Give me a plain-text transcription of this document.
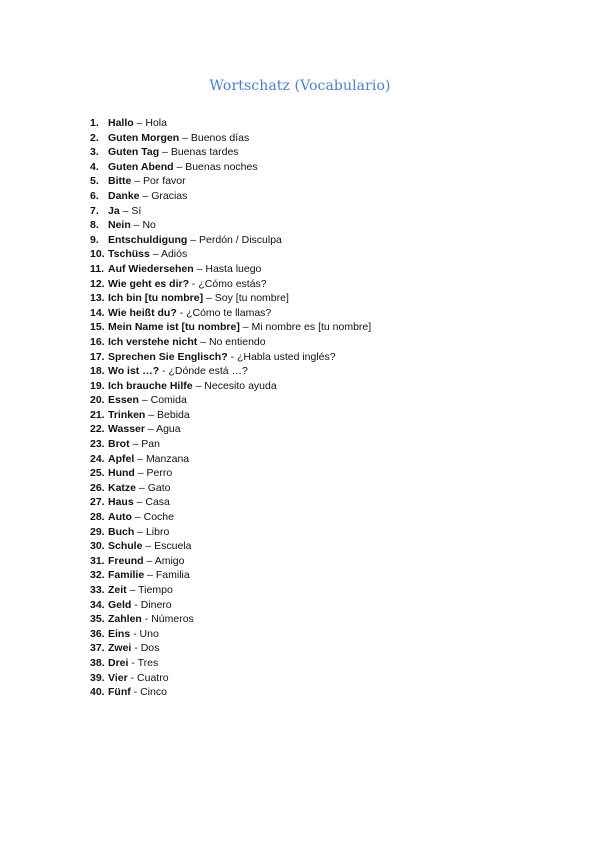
Wortschatz (Vocabulario)
1. Hallo – Hola
2. Guten Morgen – Buenos días
3. Guten Tag – Buenas tardes
4. Guten Abend – Buenas noches
5. Bitte – Por favor
6. Danke – Gracias
7. Ja – Sí
8. Nein – No
9. Entschuldigung – Perdón / Disculpa
10. Tschüss – Adiós
11. Auf Wiedersehen – Hasta luego
12. Wie geht es dir? - ¿Cómo estás?
13. Ich bin [tu nombre] – Soy [tu nombre]
14. Wie heißt du? - ¿Cómo te llamas?
15. Mein Name ist [tu nombre] – Mi nombre es [tu nombre]
16. Ich verstehe nicht – No entiendo
17. Sprechen Sie Englisch? - ¿Habla usted inglés?
18. Wo ist …? - ¿Dónde está …?
19. Ich brauche Hilfe – Necesito ayuda
20. Essen – Comida
21. Trinken – Bebida
22. Wasser – Agua
23. Brot – Pan
24. Apfel – Manzana
25. Hund – Perro
26. Katze – Gato
27. Haus – Casa
28. Auto – Coche
29. Buch – Libro
30. Schule – Escuela
31. Freund – Amigo
32. Familie – Familia
33. Zeit – Tiempo
34. Geld - Dinero
35. Zahlen - Números
36. Eins - Uno
37. Zwei - Dos
38. Drei - Tres
39. Vier - Cuatro
40. Fünf - Cinco
